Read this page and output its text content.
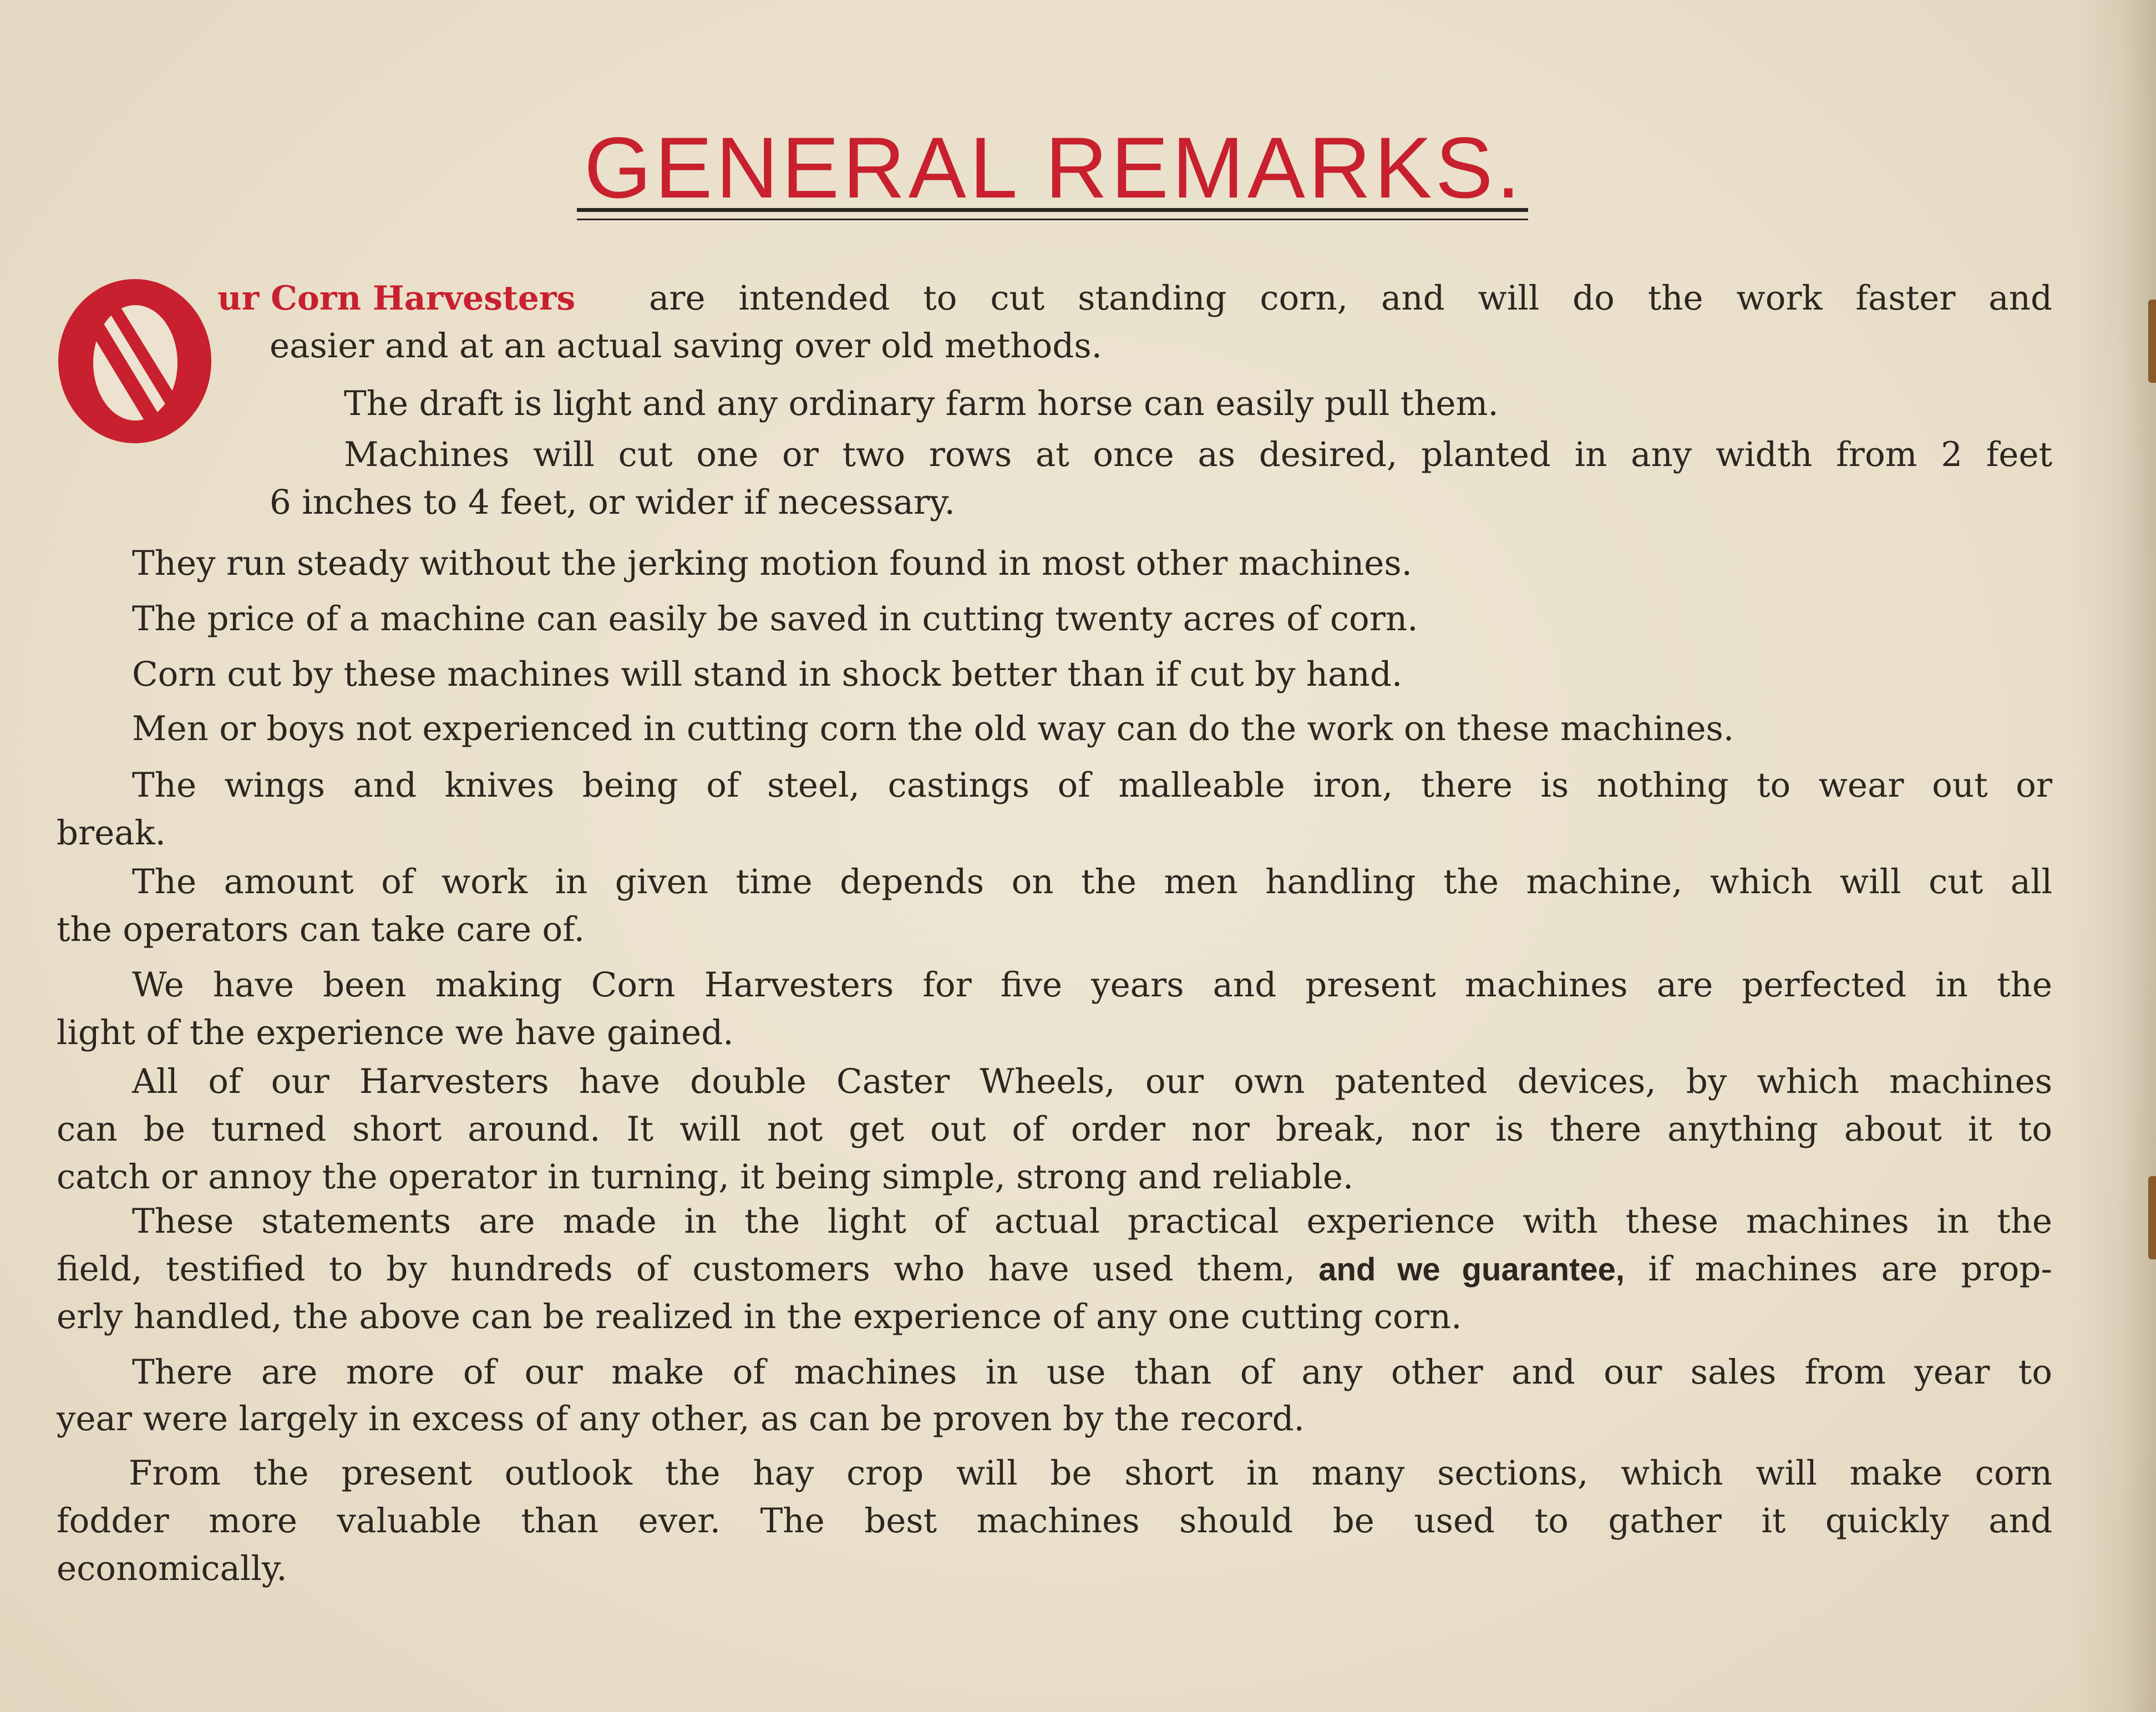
GENERAL REMARKS.
O
ur Corn Harvesters are intended to cut standing corn, and will do the work faster and
easier and at an actual saving over old methods.
The draft is light and any ordinary farm horse can easily pull them.
Machines will cut one or two rows at once as desired, planted in any width from 2 feet
6 inches to 4 feet, or wider if necessary.
They run steady without the jerking motion found in most other machines.
The price of a machine can easily be saved in cutting twenty acres of corn.
Corn cut by these machines will stand in shock better than if cut by hand.
Men or boys not experienced in cutting corn the old way can do the work on these machines.
The wings and knives being of steel, castings of malleable iron, there is nothing to wear out or
break.
The amount of work in given time depends on the men handling the machine, which will cut all
the operators can take care of.
We have been making Corn Harvesters for five years and present machines are perfected in the
light of the experience we have gained.
All of our Harvesters have double Caster Wheels, our own patented devices, by which machines
can be turned short around. It will not get out of order nor break, nor is there anything about it to
catch or annoy the operator in turning, it being simple, strong and reliable.
These statements are made in the light of actual practical experience with these machines in the
field, testified to by hundreds of customers who have used them, and we guarantee, if machines are prop-
erly handled, the above can be realized in the experience of any one cutting corn.
There are more of our make of machines in use than of any other and our sales from year to
year were largely in excess of any other, as can be proven by the record.
From the present outlook the hay crop will be short in many sections, which will make corn
fodder more valuable than ever. The best machines should be used to gather it quickly and
economically.
